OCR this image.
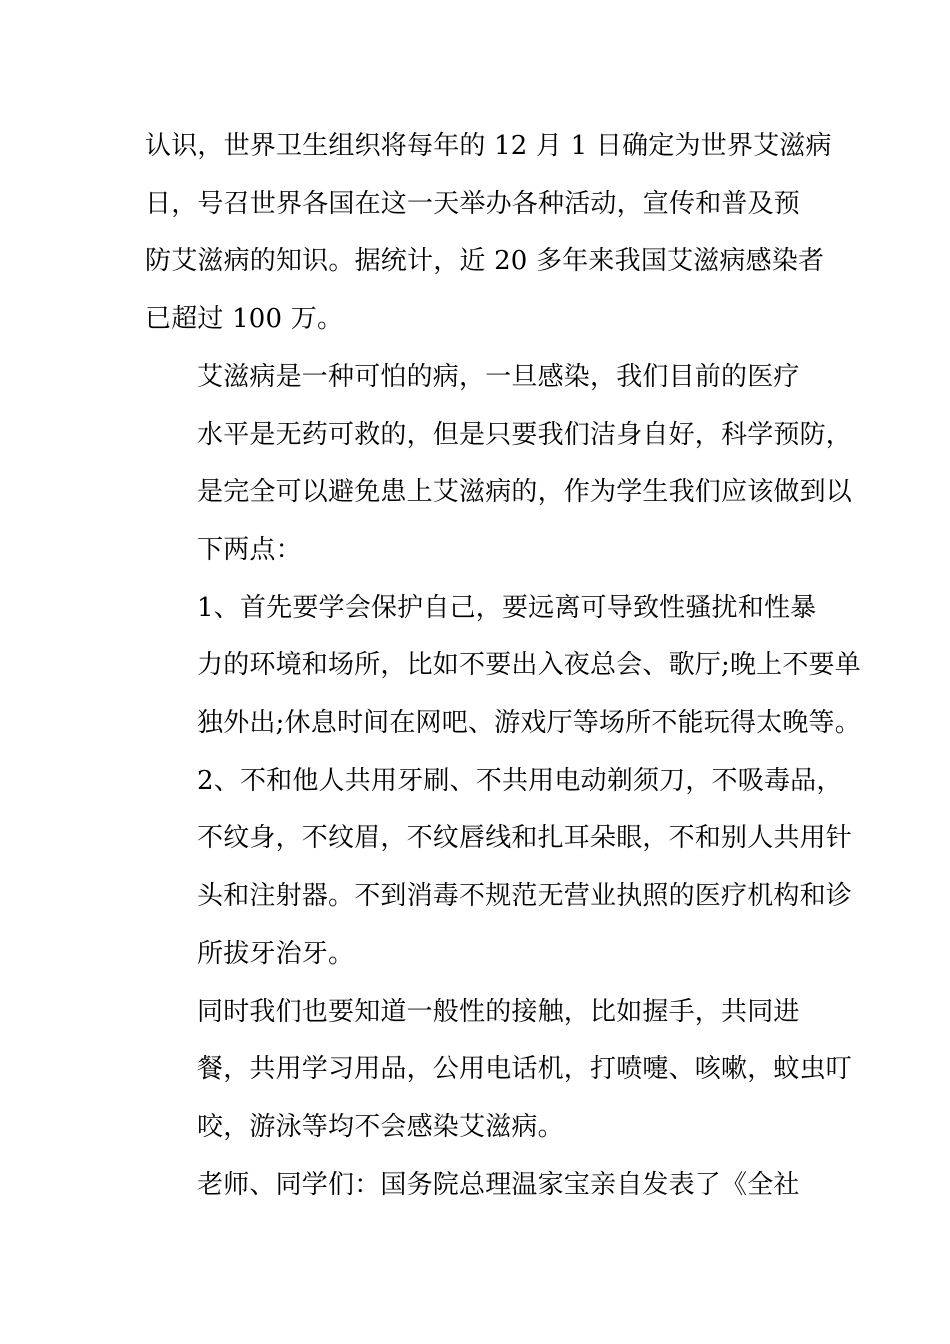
认识，世界卫生组织将每年的 12 月 1 日确定为世界艾滋病
日，号召世界各国在这一天举办各种活动，宣传和普及预
防艾滋病的知识。据统计，近 20 多年来我国艾滋病感染者
已超过 100 万。

艾滋病是一种可怕的病，一旦感染，我们目前的医疗
水平是无药可救的，但是只要我们洁身自好，科学预防，
是完全可以避免患上艾滋病的，作为学生我们应该做到以
下两点：

1、首先要学会保护自己，要远离可导致性骚扰和性暴
力的环境和场所，比如不要出入夜总会、歌厅;晚上不要单
独外出;休息时间在网吧、游戏厅等场所不能玩得太晚等。

2、不和他人共用牙刷、不共用电动剃须刀，不吸毒品，
不纹身，不纹眉，不纹唇线和扎耳朵眼，不和别人共用针
头和注射器。不到消毒不规范无营业执照的医疗机构和诊
所拔牙治牙。

同时我们也要知道一般性的接触，比如握手，共同进
餐，共用学习用品，公用电话机，打喷嚏、咳嗽，蚊虫叮
咬，游泳等均不会感染艾滋病。

老师、同学们：国务院总理温家宝亲自发表了《全社
